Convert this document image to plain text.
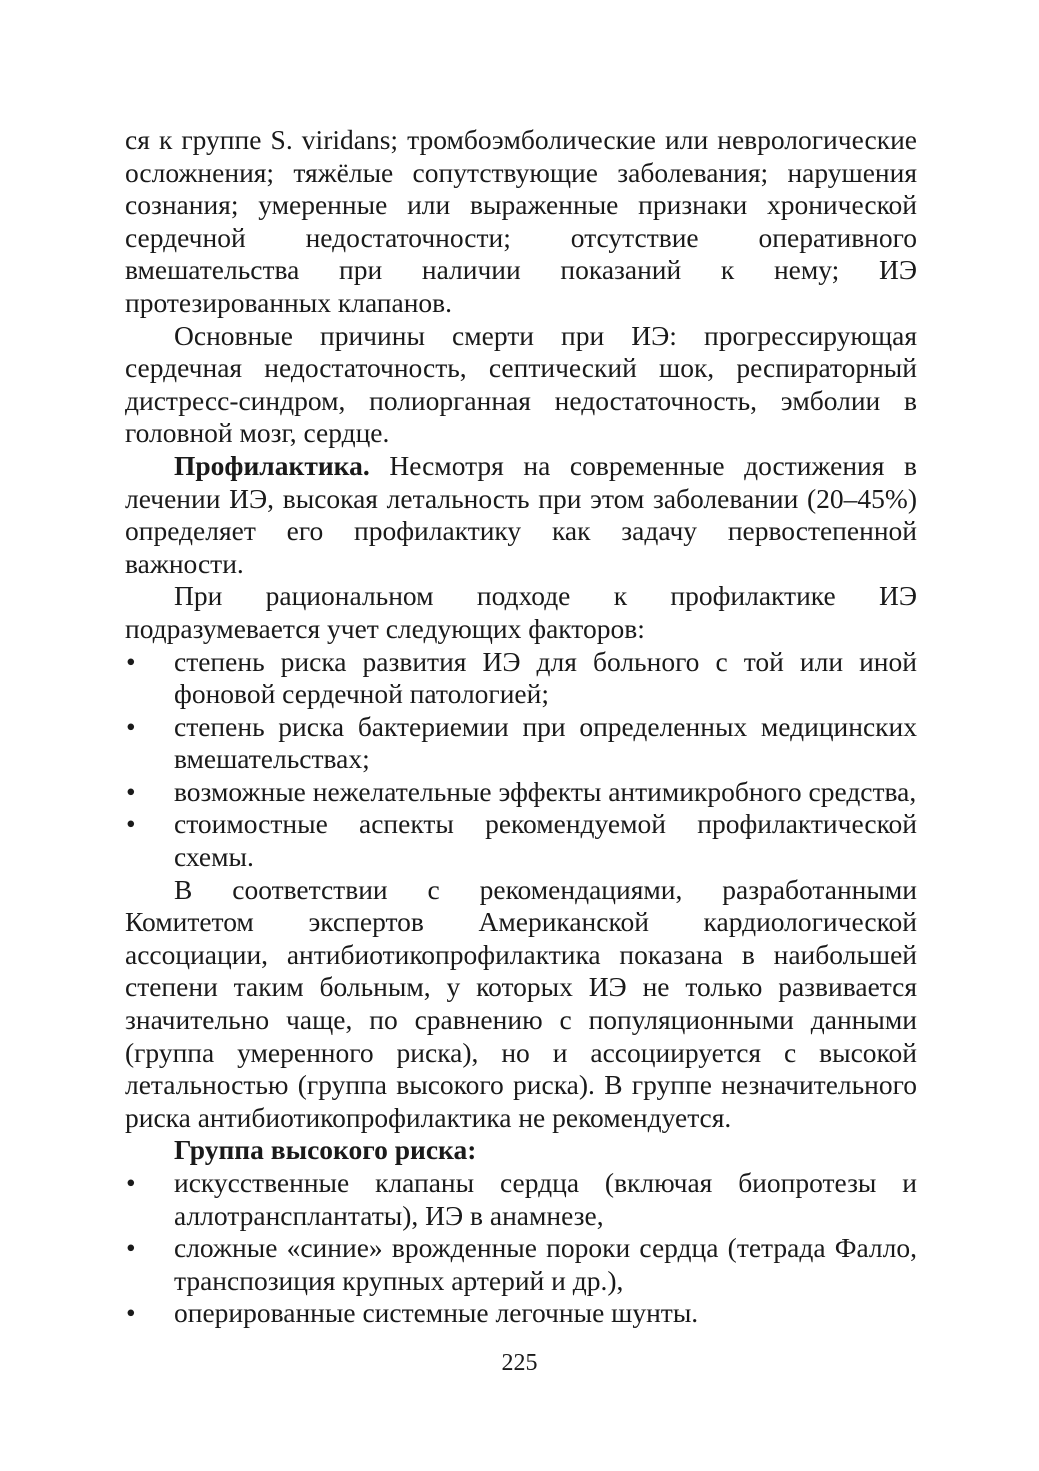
ся к группе S. viridans; тромбоэмболические или неврологические осложнения; тяжёлые сопутствующие заболевания; нарушения сознания; умеренные или выраженные признаки хронической сердечной недостаточности; отсутствие оперативного вмешательства при наличии показаний к нему; ИЭ протезированных клапанов.

Основные причины смерти при ИЭ: прогрессирующая сердечная недостаточность, септический шок, респираторный дистресс-синдром, полиорганная недостаточность, эмболии в головной мозг, сердце.

Профилактика. Несмотря на современные достижения в лечении ИЭ, высокая летальность при этом заболевании (20–45%) определяет его профилактику как задачу первостепенной важности.

При рациональном подходе к профилактике ИЭ подразумевается учет следующих факторов:

• степень риска развития ИЭ для больного с той или иной фоновой сердечной патологией;
• степень риска бактериемии при определенных медицинских вмешательствах;
• возможные нежелательные эффекты антимикробного средства,
• стоимостные аспекты рекомендуемой профилактической схемы.

В соответствии с рекомендациями, разработанными Комитетом экспертов Американской кардиологической ассоциации, антибиотикопрофилактика показана в наибольшей степени таким больным, у которых ИЭ не только развивается значительно чаще, по сравнению с популяционными данными (группа умеренного риска), но и ассоциируется с высокой летальностью (группа высокого риска). В группе незначительного риска антибиотикопрофилактика не рекомендуется.

Группа высокого риска:

• искусственные клапаны сердца (включая биопротезы и аллотрансплантаты), ИЭ в анамнезе,
• сложные «синие» врожденные пороки сердца (тетрада Фалло, транспозиция крупных артерий и др.),
• оперированные системные легочные шунты.
225
